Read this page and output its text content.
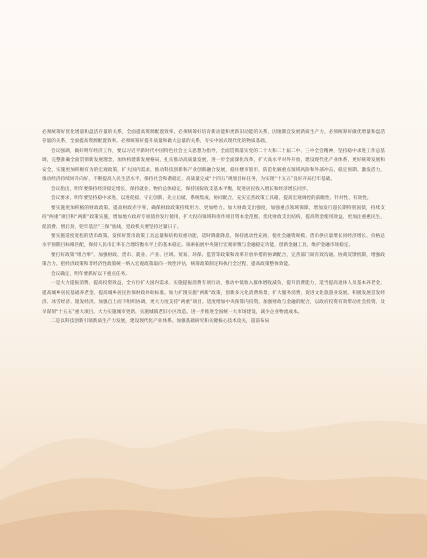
必须统筹好优化增量和盘活存量的关系，全面提高资源配置效率。必须统筹好培育新动能和更新旧动能的关系，因地制宜发展新质生产力。必须统筹好做优增量和盘活存量的关系，全面提高资源配置效率。必须统筹好提升质量和做大总量的关系，夯实中国式现代化的物质基础。

会议强调，做好明年经济工作，要以习近平新时代中国特色社会主义思想为指导，全面贯彻落实党的二十大和二十届二中、三中全会精神，坚持稳中求进工作总基调，完整准确全面贯彻新发展理念，加快构建新发展格局，扎实推动高质量发展，进一步全面深化改革，扩大高水平对外开放，建设现代化产业体系，更好统筹发展和安全，实施更加积极有为的宏观政策，扩大国内需求，推动科技创新和产业创新融合发展，稳住楼市股市，防范化解重点领域风险和外部冲击，稳定预期、激发活力，推动经济持续回升向好，不断提高人民生活水平，保持社会和谐稳定，高质量完成“十四五”规划目标任务，为实现“十五五”良好开局打牢基础。

会议指出，明年要保持经济稳定增长，保持就业、物价总体稳定，保持国际收支基本平衡，促进居民收入增长和经济增长同步。

会议要求，明年要坚持稳中求进、以进促稳，守正创新、先立后破，系统集成、协同配合，充实完善政策工具箱，提高宏观调控的前瞻性、针对性、有效性。

要实施更加积极的财政政策。提高财政赤字率，确保财政政策持续用力、更加给力。加大财政支出强度，加强重点领域保障，增加发行超长期特别国债，持续支持“两重”项目和“两新”政策实施，增加地方政府专项债券发行使用，扩大投向领域和用作项目资本金范围，优化财政支出结构，提高资金使用效益，更加注重惠民生、促消费、增后劲，兜牢基层“三保”底线，党政机关要坚持过紧日子。

要实施适度宽松的货币政策。发挥好货币政策工具总量和结构双重功能，适时降准降息，保持流动性充裕，使社会融资规模、货币供应量增长同经济增长、价格总水平预期目标相匹配，保持人民币汇率在合理均衡水平上的基本稳定。探索拓展中央银行宏观审慎与金融稳定功能，创新金融工具，维护金融市场稳定。

要打好政策“组合拳”。加强财政、货币、就业、产业、区域、贸易、环保、监管等政策和改革开放举措的协调配合，完善部门间有效沟通、协商反馈机制，增强政策合力。把经济政策和非经济性政策统一纳入宏观政策取向一致性评估，统筹政策制定和执行全过程，提高政策整体效能。

会议确定，明年要抓好以下重点任务。

一是大力提振消费、提高投资效益，全方位扩大国内需求。实施提振消费专项行动，推动中低收入群体增收减负，提升消费能力，适当提高退休人员基本养老金，提高城乡居民基础养老金，提高城乡居民医保财政补助标准。加力扩围实施“两新”政策，创新多元化消费场景，扩大服务消费，促进文化旅游业发展。积极发展首发经济、冰雪经济、银发经济。加强自上而下组织协调，更大力度支持“两重”项目。适度增加中央预算内投资。加强财政与金融的配合，以政府投资有效带动社会投资。及早谋划“十五五”重大项目。大力实施城市更新，实施城镇老旧小区改造。进一步推进全国统一大市场建设，减少企业物流成本。

二是以科技创新引领新质生产力发展，建设现代化产业体系。加强基础研究和关键核心技术攻关，超前布局
